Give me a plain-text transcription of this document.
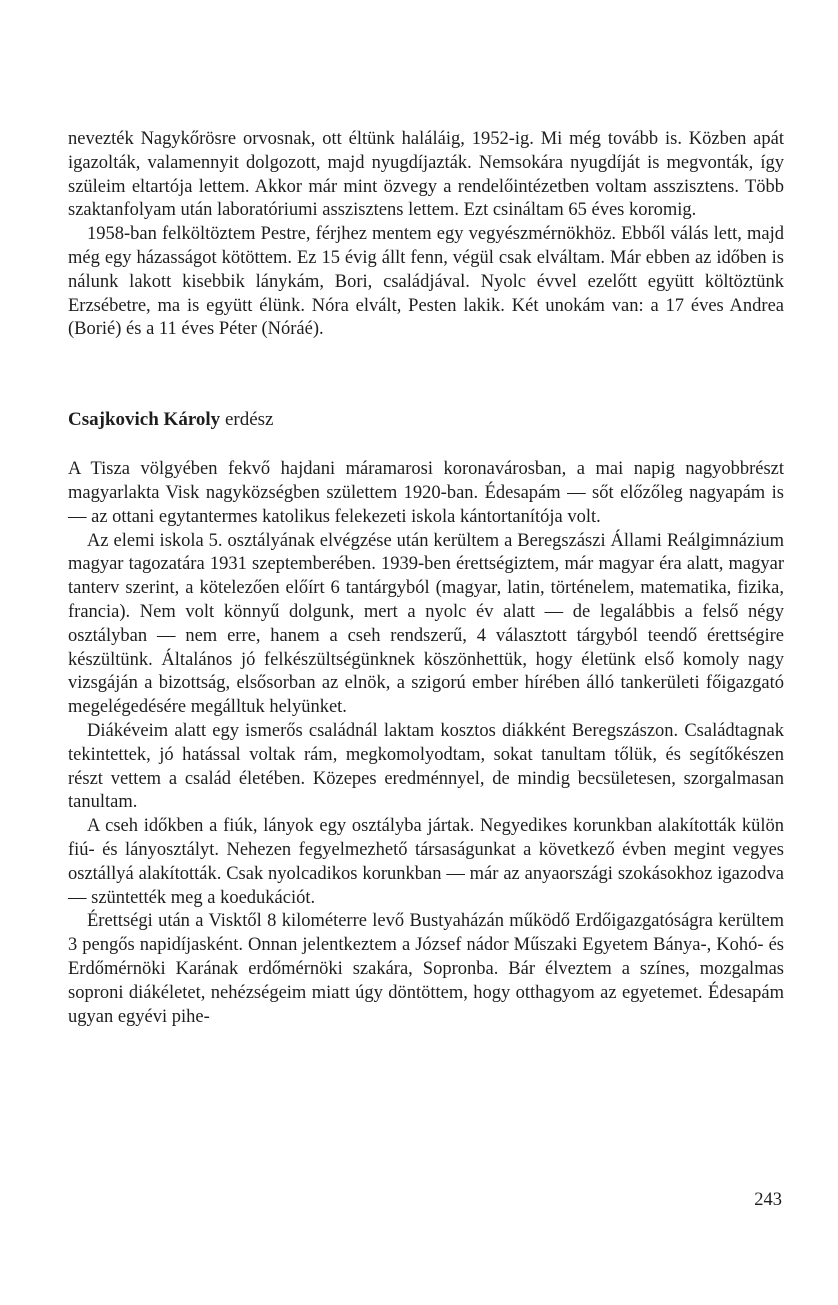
nevezték Nagykőrösre orvosnak, ott éltünk haláláig, 1952-ig. Mi még tovább is. Közben apát igazolták, valamennyit dolgozott, majd nyugdíjazták. Nemsokára nyugdíját is megvonták, így szüleim eltartója lettem. Akkor már mint özvegy a rendelőintézetben voltam asszisztens. Több szaktanfolyam után laboratóriumi asszisztens lettem. Ezt csináltam 65 éves koromig.

1958-ban felköltöztem Pestre, férjhez mentem egy vegyészmérnökhöz. Ebből válás lett, majd még egy házasságot kötöttem. Ez 15 évig állt fenn, végül csak elváltam. Már ebben az időben is nálunk lakott kisebbik lánykám, Bori, családjával. Nyolc évvel ezelőtt együtt költöztünk Erzsébetre, ma is együtt élünk. Nóra elvált, Pesten lakik. Két unokám van: a 17 éves Andrea (Borié) és a 11 éves Péter (Nóráé).

Csajkovich Károly erdész

A Tisza völgyében fekvő hajdani máramarosi koronavárosban, a mai napig nagyobbrészt magyarlakta Visk nagyközségben születtem 1920-ban. Édesapám — sőt előzőleg nagyapám is — az ottani egytantermes katolikus felekezeti iskola kántortanítója volt.

Az elemi iskola 5. osztályának elvégzése után kerültem a Beregszászi Állami Reálgimnázium magyar tagozatára 1931 szeptemberében. 1939-ben érettségiztem, már magyar éra alatt, magyar tanterv szerint, a kötelezően előírt 6 tantárgyból (magyar, latin, történelem, matematika, fizika, francia). Nem volt könnyű dolgunk, mert a nyolc év alatt — de legalábbis a felső négy osztályban — nem erre, hanem a cseh rendszerű, 4 választott tárgyból teendő érettségire készültünk. Általános jó felkészültségünknek köszönhettük, hogy életünk első komoly nagy vizsgáján a bizottság, elsősorban az elnök, a szigorú ember hírében álló tankerületi főigazgató megelégedésére megálltuk helyünket.

Diákéveim alatt egy ismerős családnál laktam kosztos diákként Beregszászon. Családtagnak tekintettek, jó hatással voltak rám, megkomolyodtam, sokat tanultam tőlük, és segítőkészen részt vettem a család életében. Közepes eredménnyel, de mindig becsületesen, szorgalmasan tanultam.

A cseh időkben a fiúk, lányok egy osztályba jártak. Negyedikes korunkban alakították külön fiú- és lányosztályt. Nehezen fegyelmezhető társaságunkat a következő évben megint vegyes osztállyá alakították. Csak nyolcadikos korunkban — már az anyaországi szokásokhoz igazodva — szüntették meg a koedukációt.

Érettségi után a Visktől 8 kilométerre levő Bustyaházán működő Erdőigazgatóságra kerültem 3 pengős napidíjasként. Onnan jelentkeztem a József nádor Műszaki Egyetem Bánya-, Kohó- és Erdőmérnöki Karának erdőmérnöki szakára, Sopronba. Bár élveztem a színes, mozgalmas soproni diákéletet, nehézségeim miatt úgy döntöttem, hogy otthagyom az egyetemet. Édesapám ugyan egyévi pihe-

243
